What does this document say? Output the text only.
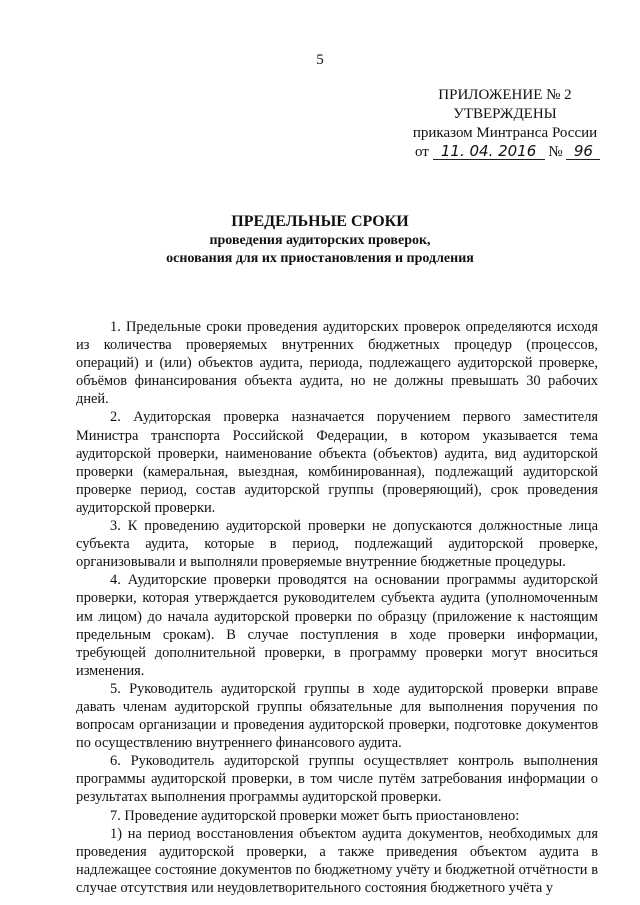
5
ПРИЛОЖЕНИЕ № 2
УТВЕРЖДЕНЫ
приказом Минтранса России
от 11. 04. 2016 № 96
ПРЕДЕЛЬНЫЕ СРОКИ
проведения аудиторских проверок,
основания для их приостановления и продления

1. Предельные сроки проведения аудиторских проверок определяются исходя из количества проверяемых внутренних бюджетных процедур (процессов, операций) и (или) объектов аудита, периода, подлежащего аудиторской проверке, объёмов финансирования объекта аудита, но не должны превышать 30 рабочих дней.

2. Аудиторская проверка назначается поручением первого заместителя Министра транспорта Российской Федерации, в котором указывается тема аудиторской проверки, наименование объекта (объектов) аудита, вид аудиторской проверки (камеральная, выездная, комбинированная), подлежащий аудиторской проверке период, состав аудиторской группы (проверяющий), срок проведения аудиторской проверки.

3. К проведению аудиторской проверки не допускаются должностные лица субъекта аудита, которые в период, подлежащий аудиторской проверке, организовывали и выполняли проверяемые внутренние бюджетные процедуры.

4. Аудиторские проверки проводятся на основании программы аудиторской проверки, которая утверждается руководителем субъекта аудита (уполномоченным им лицом) до начала аудиторской проверки по образцу (приложение к настоящим предельным срокам). В случае поступления в ходе проверки информации, требующей дополнительной проверки, в программу проверки могут вноситься изменения.

5. Руководитель аудиторской группы в ходе аудиторской проверки вправе давать членам аудиторской группы обязательные для выполнения поручения по вопросам организации и проведения аудиторской проверки, подготовке документов по осуществлению внутреннего финансового аудита.

6. Руководитель аудиторской группы осуществляет контроль выполнения программы аудиторской проверки, в том числе путём затребования информации о результатах выполнения программы аудиторской проверки.

7. Проведение аудиторской проверки может быть приостановлено:

1) на период восстановления объектом аудита документов, необходимых для проведения аудиторской проверки, а также приведения объектом аудита в надлежащее состояние документов по бюджетному учёту и бюджетной отчётности в случае отсутствия или неудовлетворительного состояния бюджетного учёта у
